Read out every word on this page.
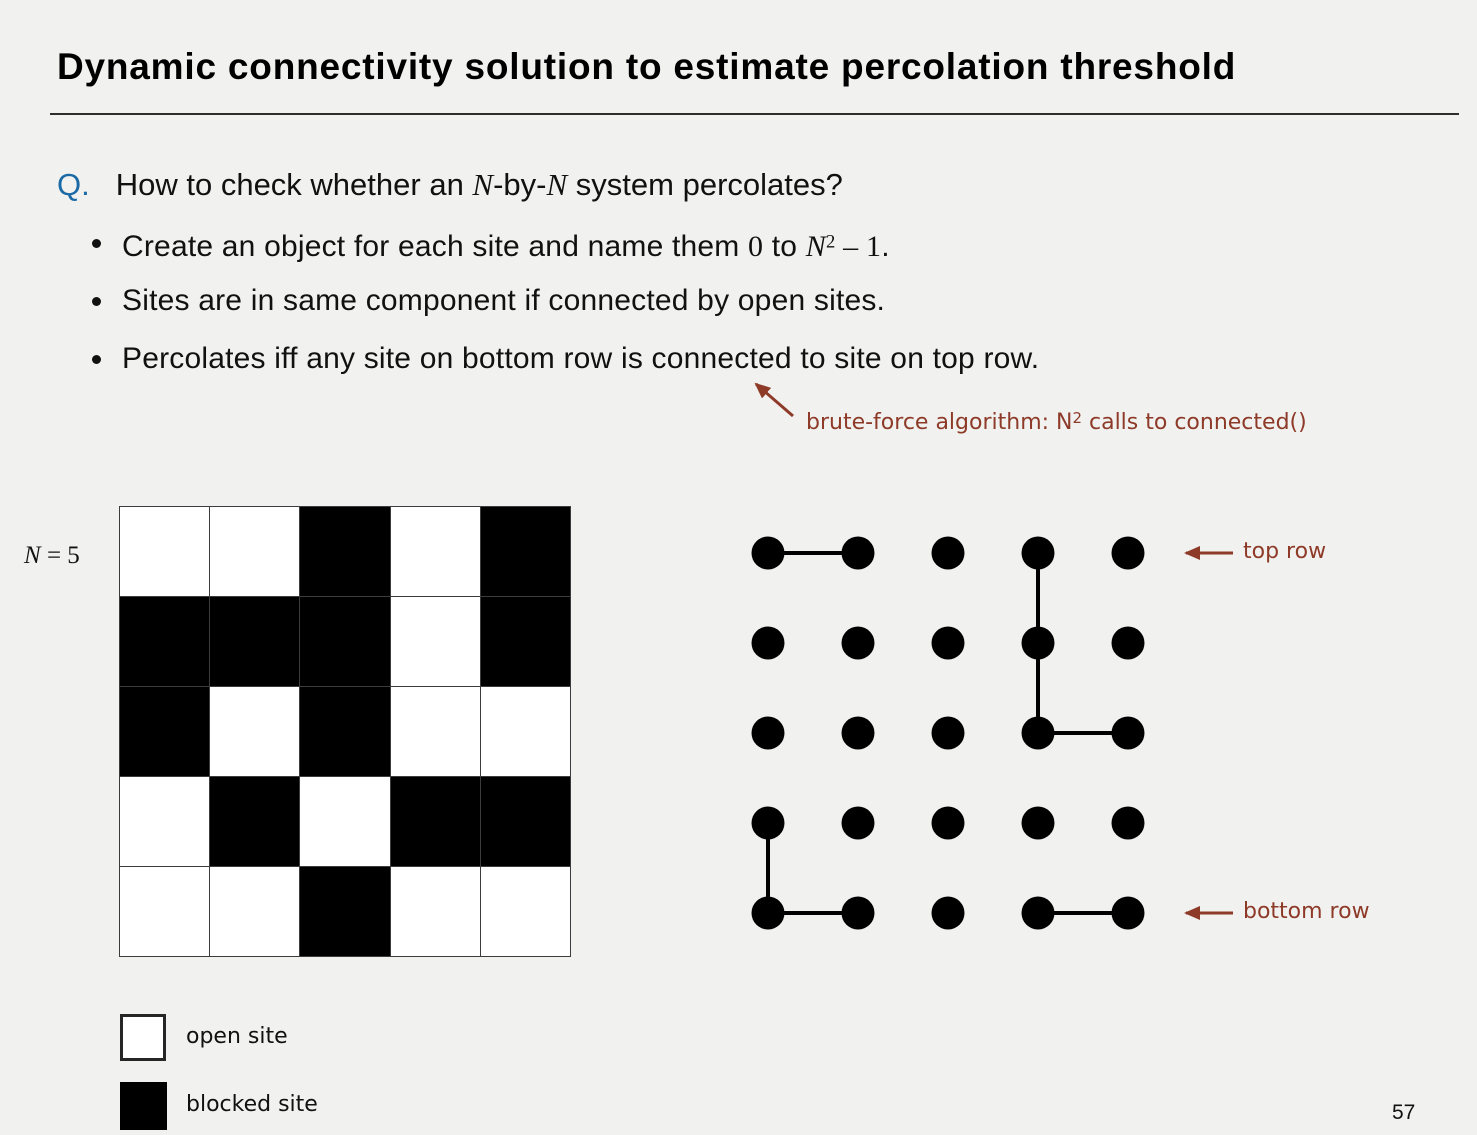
Dynamic connectivity solution to estimate percolation threshold
Q. How to check whether an N-by-N system percolates?
Create an object for each site and name them 0 to $N^2 - 1$.
Sites are in same component if connected by open sites.
Percolates iff any site on bottom row is connected to site on top row.
brute-force algorithm: $N^2$ calls to connected()
N = 5	top row
bottom row
open site
blocked site	57
